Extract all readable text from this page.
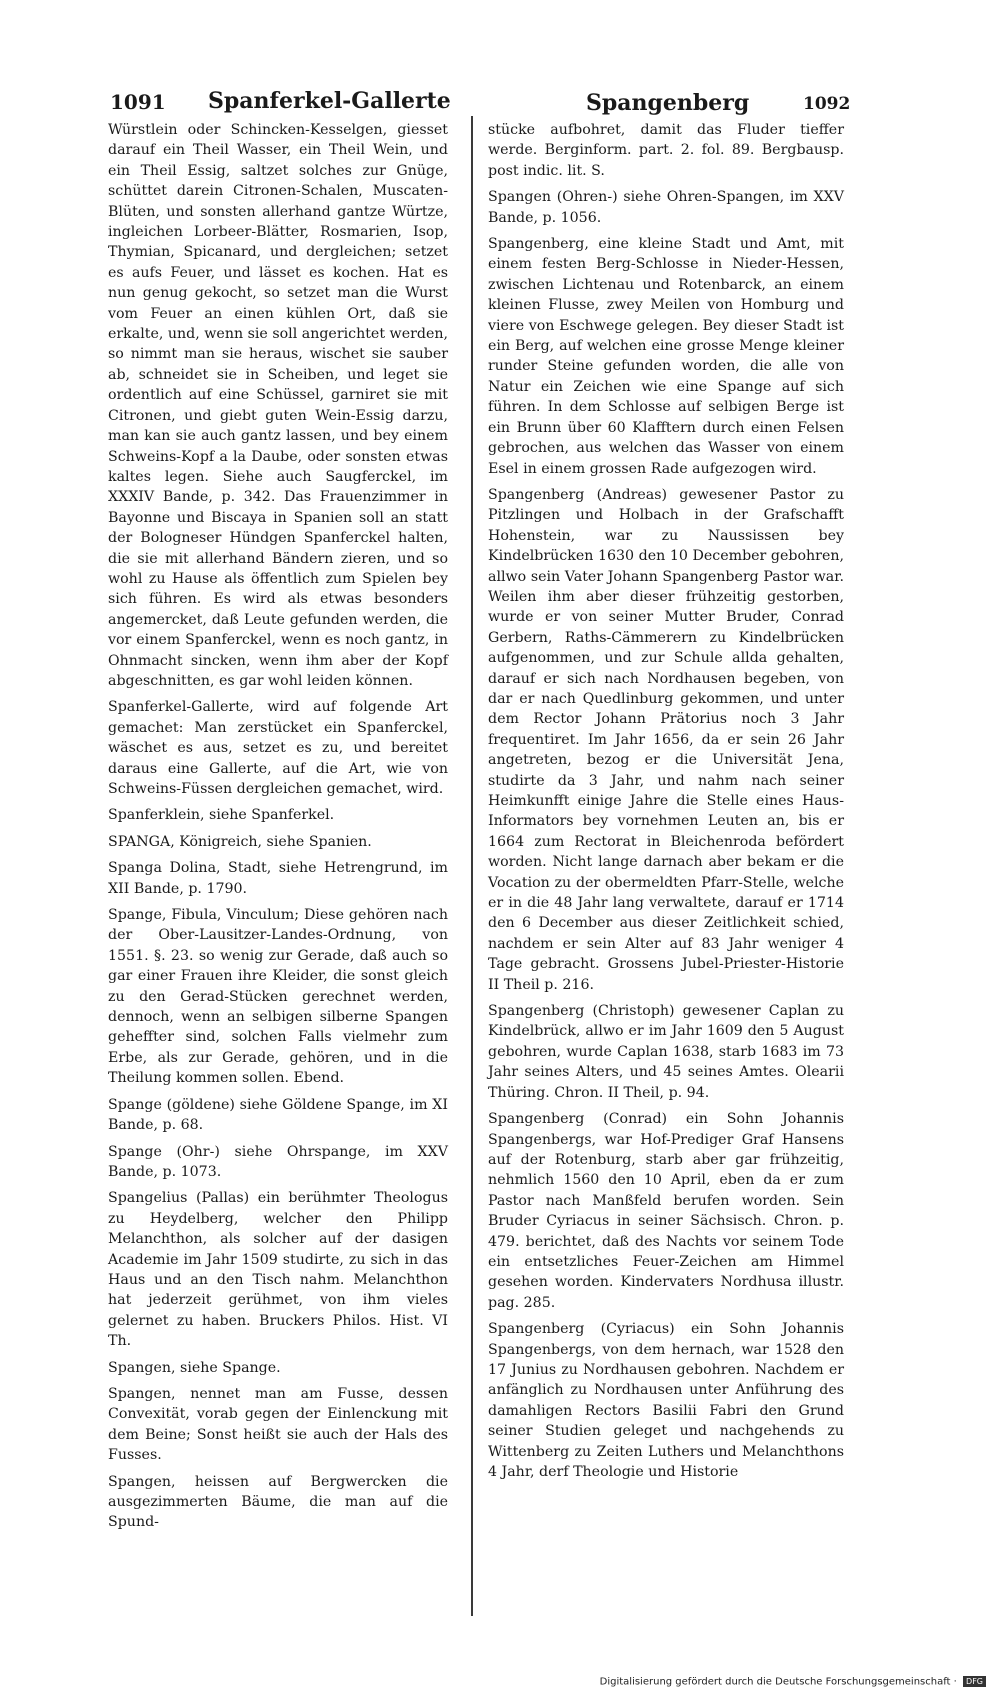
1091 Spanferkel-Gallerte	Spangenberg	1092

Würstlein oder Schincken-Kesselgen, giesset darauf ein Theil Wasser, ein Theil Wein, und ein Theil Essig, saltzet solches zur Gnüge, schüttet darein Citronen-Schalen, Muscaten-Blüten, und sonsten allerhand gantze Würtze, ingleichen Lorbeer-Blätter, Rosmarien, Isop, Thymian, Spicanard, und dergleichen; setzet es aufs Feuer, und lässet es kochen. Hat es nun genug gekocht, so setzet man die Wurst vom Feuer an einen kühlen Ort, daß sie erkalte, und, wenn sie soll angerichtet werden, so nimmt man sie heraus, wischet sie sauber ab, schneidet sie in Scheiben, und leget sie ordentlich auf eine Schüssel, garniret sie mit Citronen, und giebt guten Wein-Essig darzu, man kan sie auch gantz lassen, und bey einem Schweins-Kopf a la Daube, oder sonsten etwas kaltes legen. Siehe auch Saugferckel, im XXXIV Bande, p. 342. Das Frauenzimmer in Bayonne und Biscaya in Spanien soll an statt der Bologneser Hündgen Spanferckel halten, die sie mit allerhand Bändern zieren, und so wohl zu Hause als öffentlich zum Spielen bey sich führen. Es wird als etwas besonders angemercket, daß Leute gefunden werden, die vor einem Spanferckel, wenn es noch gantz, in Ohnmacht sincken, wenn ihm aber der Kopf abgeschnitten, es gar wohl leiden können.

Spanferkel-Gallerte, wird auf folgende Art gemachet: Man zerstücket ein Spanferckel, wäschet es aus, setzet es zu, und bereitet daraus eine Gallerte, auf die Art, wie von Schweins-Füssen dergleichen gemachet, wird.

Spanferklein, siehe Spanferkel.

SPANGA, Königreich, siehe Spanien.

Spanga Dolina, Stadt, siehe Hetrengrund, im XII Bande, p. 1790.

Spange, Fibula, Vinculum; Diese gehören nach der Ober-Lausitzer-Landes-Ordnung, von 1551. §. 23. so wenig zur Gerade, daß auch so gar einer Frauen ihre Kleider, die sonst gleich zu den Gerad-Stücken gerechnet werden, dennoch, wenn an selbigen silberne Spangen geheffter sind, solchen Falls vielmehr zum Erbe, als zur Gerade, gehören, und in die Theilung kommen sollen. Ebend.

Spange (göldene) siehe Göldene Spange, im XI Bande, p. 68.

Spange (Ohr-) siehe Ohrspange, im XXV Bande, p. 1073.

Spangelius (Pallas) ein berühmter Theologus zu Heydelberg, welcher den Philipp Melanchthon, als solcher auf der dasigen Academie im Jahr 1509 studirte, zu sich in das Haus und an den Tisch nahm. Melanchthon hat jederzeit gerühmet, von ihm vieles gelernet zu haben. Bruckers Philos. Hist. VI Th.

Spangen, siehe Spange.

Spangen, nennet man am Fusse, dessen Convexität, vorab gegen der Einlenckung mit dem Beine; Sonst heißt sie auch der Hals des Fusses.

Spangen, heissen auf Bergwercken die ausgezimmerten Bäume, die man auf die Spund-

stücke aufbohret, damit das Fluder tieffer werde. Berginform. part. 2. fol. 89. Bergbausp. post indic. lit. S.

Spangen (Ohren-) siehe Ohren-Spangen, im XXV Bande, p. 1056.

Spangenberg, eine kleine Stadt und Amt, mit einem festen Berg-Schlosse in Nieder-Hessen, zwischen Lichtenau und Rotenbarck, an einem kleinen Flusse, zwey Meilen von Homburg und viere von Eschwege gelegen. Bey dieser Stadt ist ein Berg, auf welchen eine grosse Menge kleiner runder Steine gefunden worden, die alle von Natur ein Zeichen wie eine Spange auf sich führen. In dem Schlosse auf selbigen Berge ist ein Brunn über 60 Klafftern durch einen Felsen gebrochen, aus welchen das Wasser von einem Esel in einem grossen Rade aufgezogen wird.

Spangenberg (Andreas) gewesener Pastor zu Pitzlingen und Holbach in der Grafschafft Hohenstein, war zu Naussissen bey Kindelbrücken 1630 den 10 December gebohren, allwo sein Vater Johann Spangenberg Pastor war. Weilen ihm aber dieser frühzeitig gestorben, wurde er von seiner Mutter Bruder, Conrad Gerbern, Raths-Cämmerern zu Kindelbrücken aufgenommen, und zur Schule allda gehalten, darauf er sich nach Nordhausen begeben, von dar er nach Quedlinburg gekommen, und unter dem Rector Johann Prätorius noch 3 Jahr frequentiret. Im Jahr 1656, da er sein 26 Jahr angetreten, bezog er die Universität Jena, studirte da 3 Jahr, und nahm nach seiner Heimkunfft einige Jahre die Stelle eines Haus-Informators bey vornehmen Leuten an, bis er 1664 zum Rectorat in Bleichenroda befördert worden. Nicht lange darnach aber bekam er die Vocation zu der obermeldten Pfarr-Stelle, welche er in die 48 Jahr lang verwaltete, darauf er 1714 den 6 December aus dieser Zeitlichkeit schied, nachdem er sein Alter auf 83 Jahr weniger 4 Tage gebracht. Grossens Jubel-Priester-Historie II Theil p. 216.

Spangenberg (Christoph) gewesener Caplan zu Kindelbrück, allwo er im Jahr 1609 den 5 August gebohren, wurde Caplan 1638, starb 1683 im 73 Jahr seines Alters, und 45 seines Amtes. Olearii Thüring. Chron. II Theil, p. 94.

Spangenberg (Conrad) ein Sohn Johannis Spangenbergs, war Hof-Prediger Graf Hansens auf der Rotenburg, starb aber gar frühzeitig, nehmlich 1560 den 10 April, eben da er zum Pastor nach Manßfeld berufen worden. Sein Bruder Cyriacus in seiner Sächsisch. Chron. p. 479. berichtet, daß des Nachts vor seinem Tode ein entsetzliches Feuer-Zeichen am Himmel gesehen worden. Kindervaters Nordhusa illustr. pag. 285.

Spangenberg (Cyriacus) ein Sohn Johannis Spangenbergs, von dem hernach, war 1528 den 17 Junius zu Nordhausen gebohren. Nachdem er anfänglich zu Nordhausen unter Anführung des damahligen Rectors Basilii Fabri den Grund seiner Studien geleget und nachgehends zu Wittenberg zu Zeiten Luthers und Melanchthons 4 Jahr, derf Theologie und Historie

Digitalisierung gefördert durch die Deutsche Forschungsgemeinschaft · DFG
